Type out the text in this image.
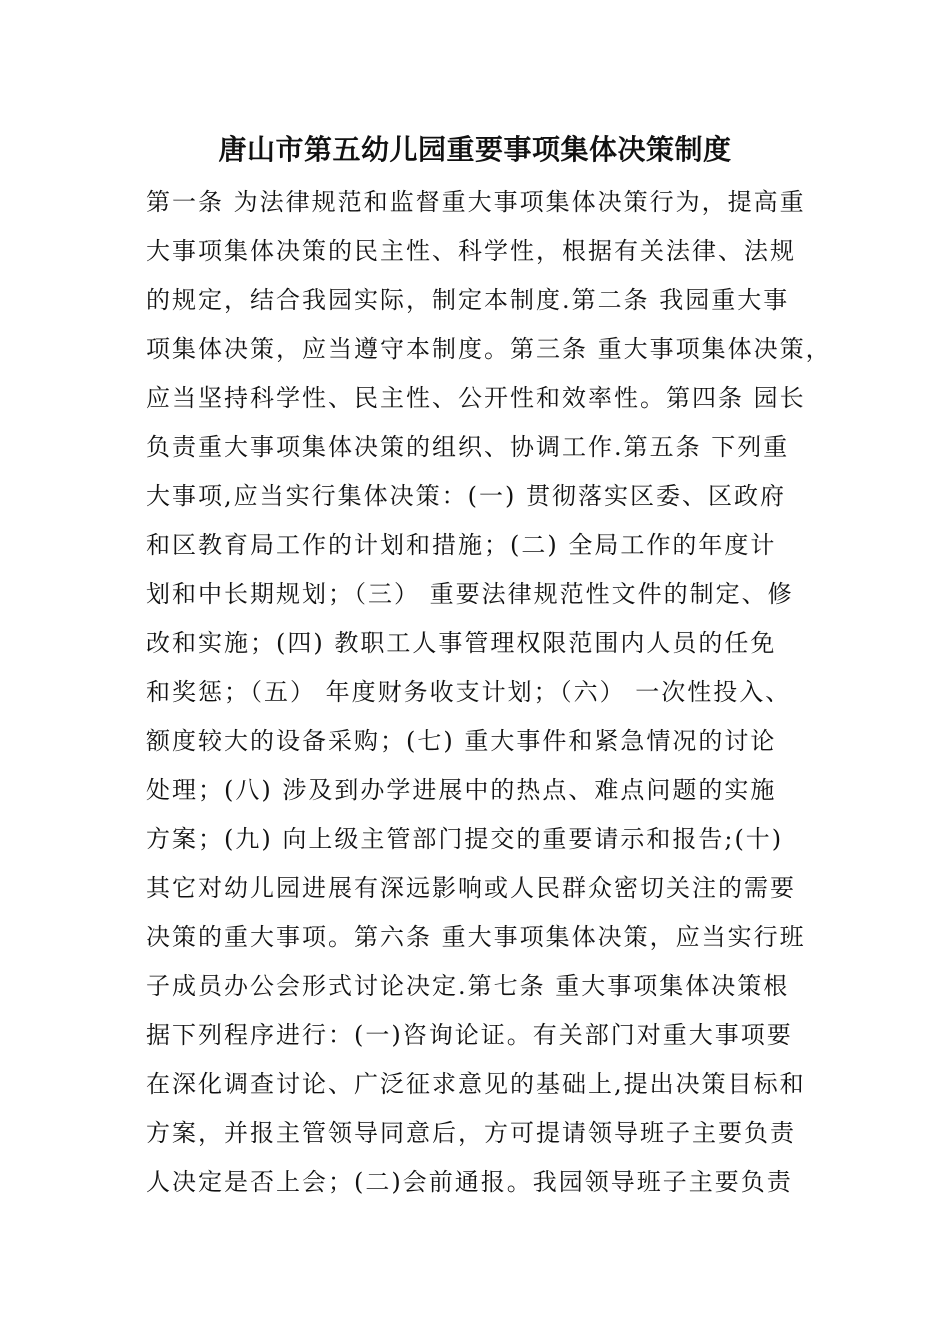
唐山市第五幼儿园重要事项集体决策制度
第一条 为法律规范和监督重大事项集体决策行为，提高重
大事项集体决策的民主性、科学性，根据有关法律、法规
的规定，结合我园实际，制定本制度.第二条 我园重大事
项集体决策，应当遵守本制度。第三条 重大事项集体决策，
应当坚持科学性、民主性、公开性和效率性。第四条 园长
负责重大事项集体决策的组织、协调工作.第五条 下列重
大事项,应当实行集体决策：(一) 贯彻落实区委、区政府
和区教育局工作的计划和措施；(二) 全局工作的年度计
划和中长期规划；（三） 重要法律规范性文件的制定、修
改和实施；(四) 教职工人事管理权限范围内人员的任免
和奖惩；（五） 年度财务收支计划；（六） 一次性投入、
额度较大的设备采购；(七) 重大事件和紧急情况的讨论
处理；(八) 涉及到办学进展中的热点、难点问题的实施
方案；(九) 向上级主管部门提交的重要请示和报告;(十)
其它对幼儿园进展有深远影响或人民群众密切关注的需要
决策的重大事项。第六条 重大事项集体决策，应当实行班
子成员办公会形式讨论决定.第七条 重大事项集体决策根
据下列程序进行：(一)咨询论证。有关部门对重大事项要
在深化调查讨论、广泛征求意见的基础上,提出决策目标和
方案，并报主管领导同意后，方可提请领导班子主要负责
人决定是否上会；(二)会前通报。我园领导班子主要负责
